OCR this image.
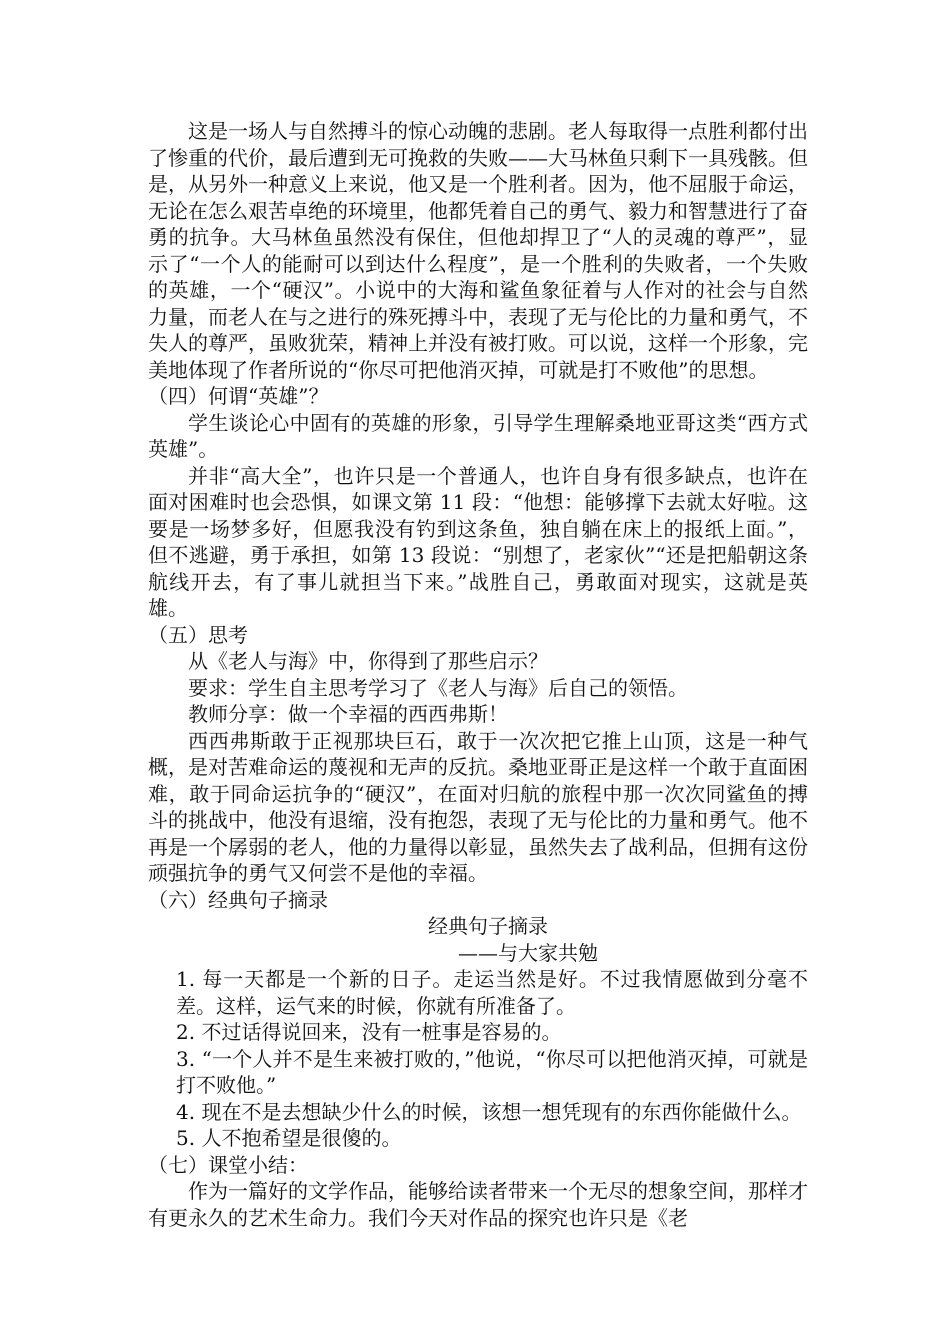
这是一场人与自然搏斗的惊心动魄的悲剧。老人每取得一点胜利都付出了惨重的代价，最后遭到无可挽救的失败——大马林鱼只剩下一具残骸。但是，从另外一种意义上来说，他又是一个胜利者。因为，他不屈服于命运，无论在怎么艰苦卓绝的环境里，他都凭着自己的勇气、毅力和智慧进行了奋勇的抗争。大马林鱼虽然没有保住，但他却捍卫了“人的灵魂的尊严”，显示了“一个人的能耐可以到达什么程度”，是一个胜利的失败者，一个失败的英雄，一个“硬汉”。小说中的大海和鲨鱼象征着与人作对的社会与自然力量，而老人在与之进行的殊死搏斗中，表现了无与伦比的力量和勇气，不失人的尊严，虽败犹荣，精神上并没有被打败。可以说，这样一个形象，完美地体现了作者所说的“你尽可把他消灭掉，可就是打不败他”的思想。

（四）何谓“英雄”？

学生谈论心中固有的英雄的形象，引导学生理解桑地亚哥这类“西方式英雄”。

并非“高大全”，也许只是一个普通人，也许自身有很多缺点，也许在面对困难时也会恐惧，如课文第 11 段：“他想：能够撑下去就太好啦。这要是一场梦多好，但愿我没有钓到这条鱼，独自躺在床上的报纸上面。”，但不逃避，勇于承担，如第 13 段说：“别想了，老家伙”“还是把船朝这条航线开去，有了事儿就担当下来。”战胜自己，勇敢面对现实，这就是英雄。

（五）思考

从《老人与海》中，你得到了那些启示？

要求：学生自主思考学习了《老人与海》后自己的领悟。

教师分享：做一个幸福的西西弗斯！

西西弗斯敢于正视那块巨石，敢于一次次把它推上山顶，这是一种气概，是对苦难命运的蔑视和无声的反抗。桑地亚哥正是这样一个敢于直面困难，敢于同命运抗争的“硬汉”，在面对归航的旅程中那一次次同鲨鱼的搏斗的挑战中，他没有退缩，没有抱怨，表现了无与伦比的力量和勇气。他不再是一个孱弱的老人，他的力量得以彰显，虽然失去了战利品，但拥有这份顽强抗争的勇气又何尝不是他的幸福。

（六）经典句子摘录

经典句子摘录

——与大家共勉

1. 每一天都是一个新的日子。走运当然是好。不过我情愿做到分毫不差。这样，运气来的时候，你就有所准备了。

2. 不过话得说回来，没有一桩事是容易的。

3. “一个人并不是生来被打败的，”他说，“你尽可以把他消灭掉，可就是打不败他。”

4. 现在不是去想缺少什么的时候，该想一想凭现有的东西你能做什么。

5. 人不抱希望是很傻的。

（七）课堂小结：

作为一篇好的文学作品，能够给读者带来一个无尽的想象空间，那样才有更永久的艺术生命力。我们今天对作品的探究也许只是《老
